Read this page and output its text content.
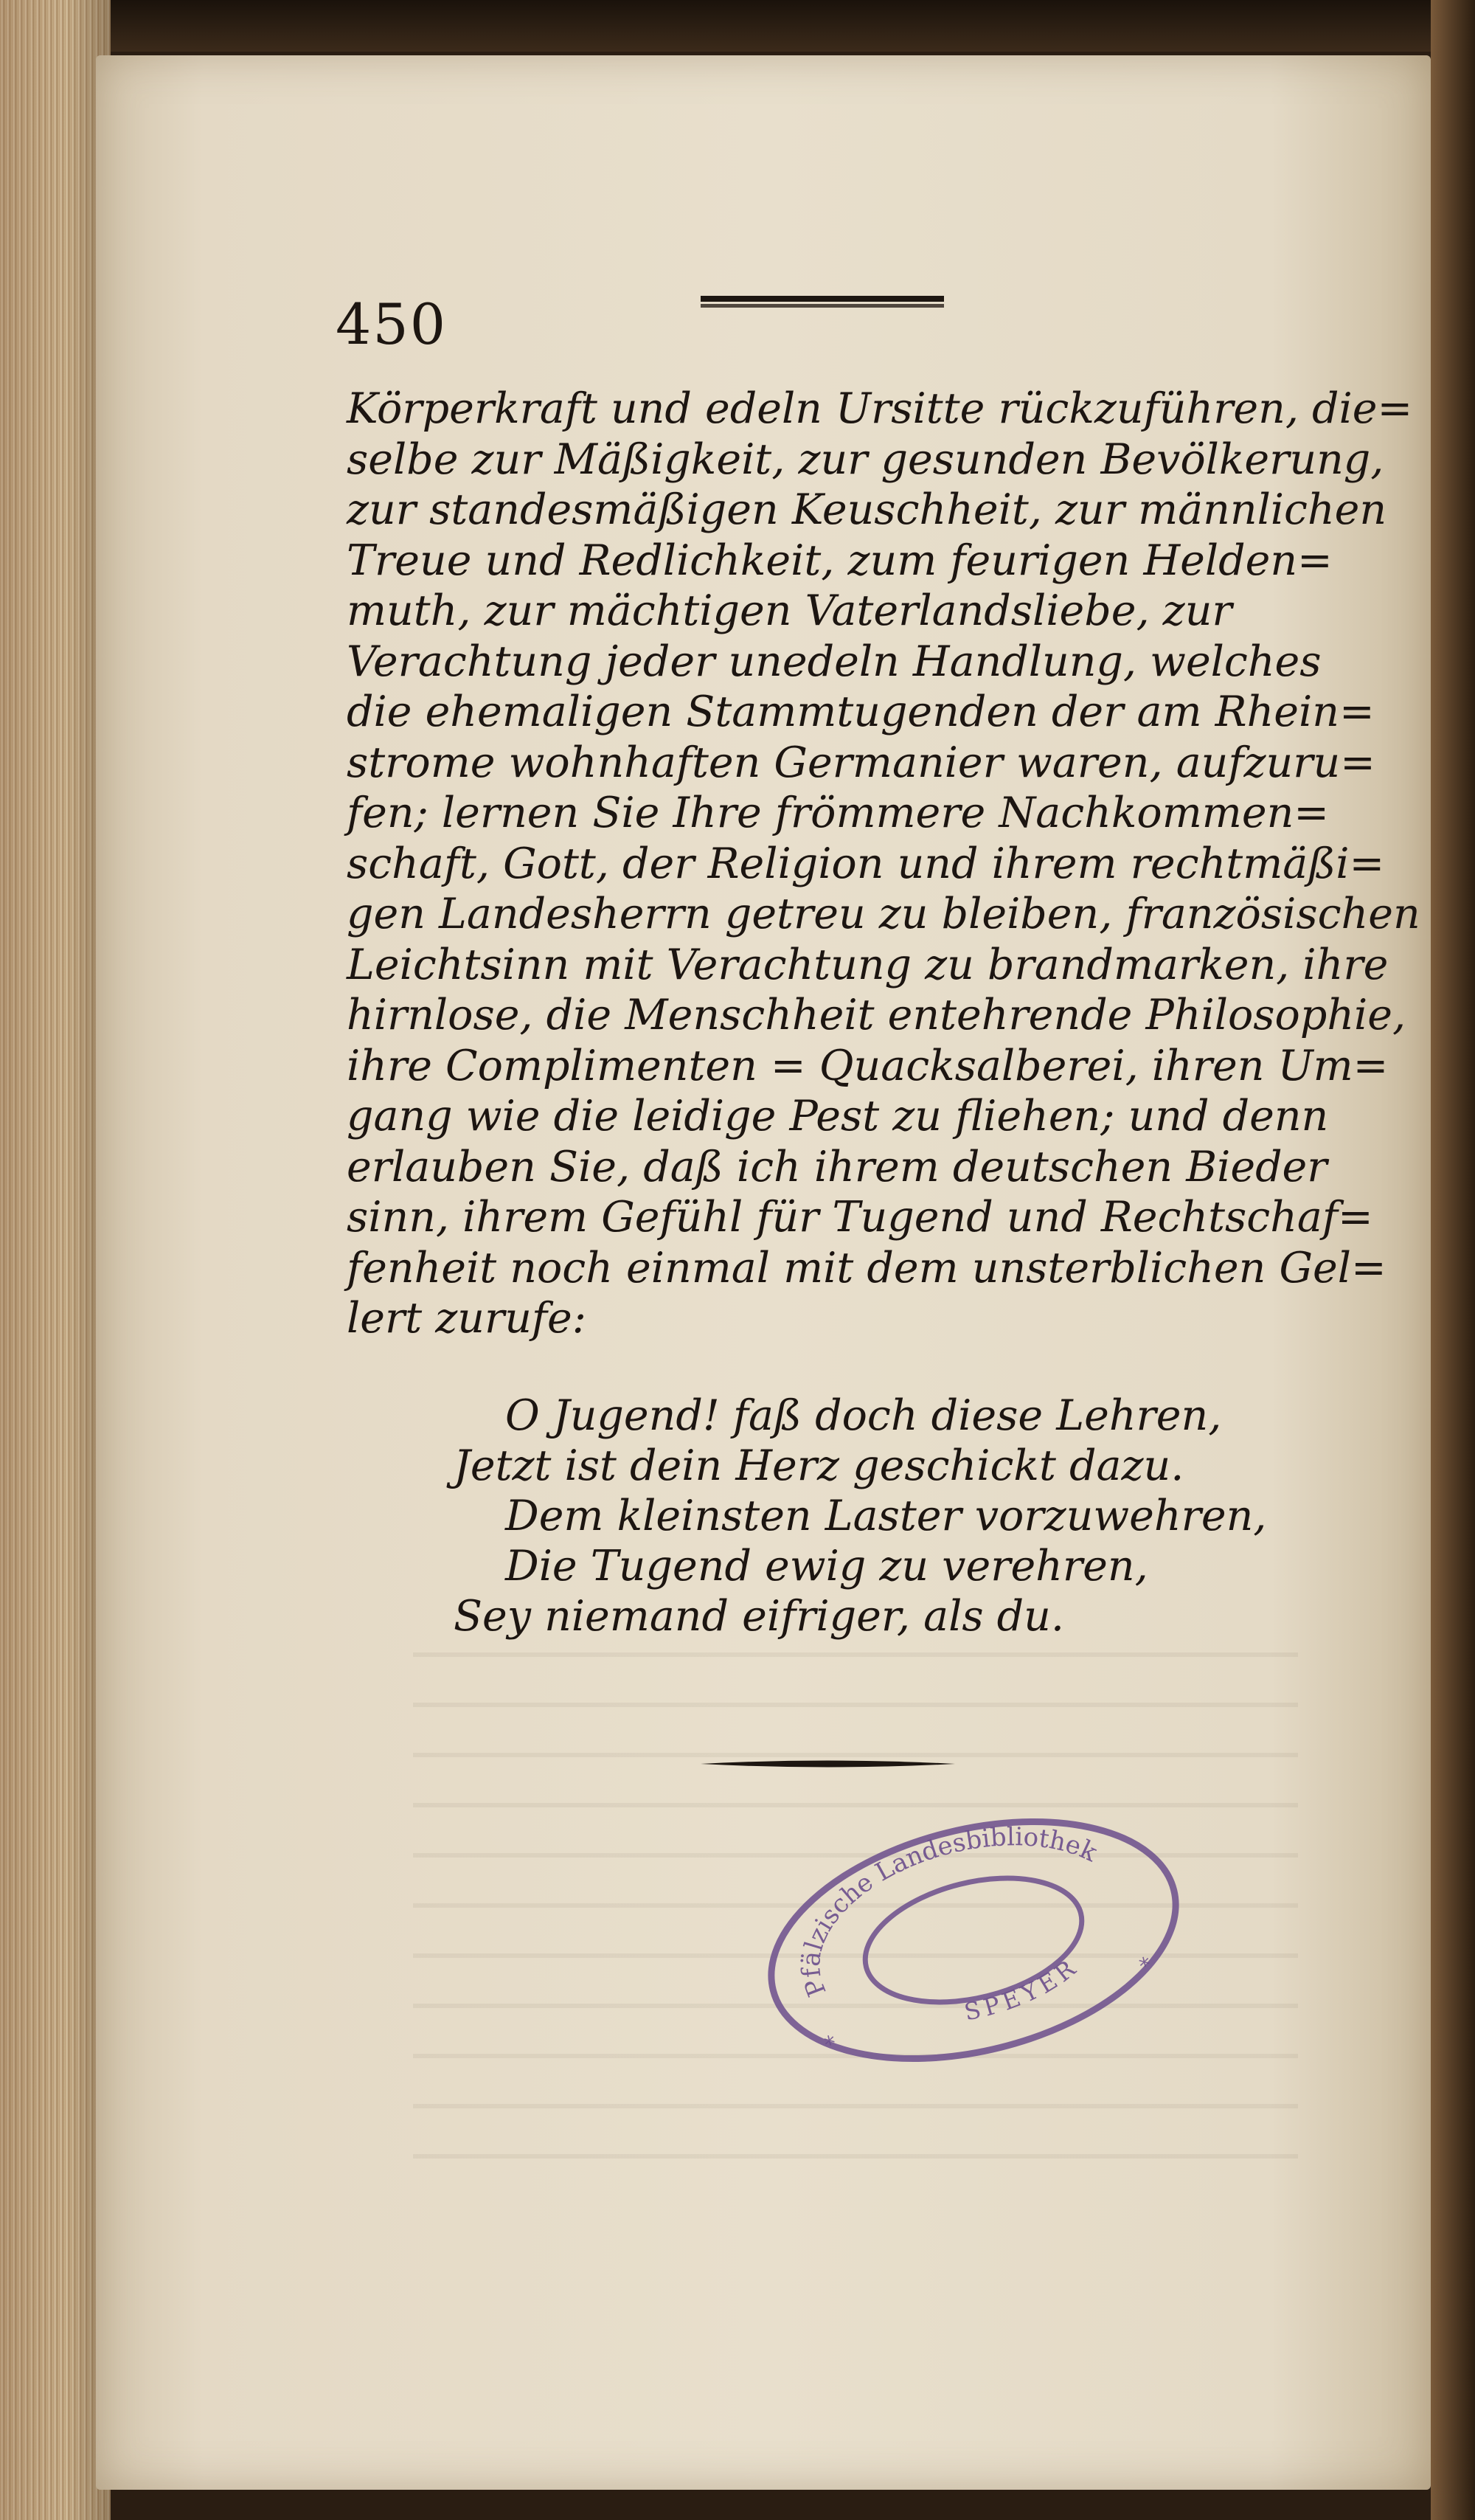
450
Körperkraft und edeln Ursitte rückzuführen, die=
selbe zur Mäßigkeit, zur gesunden Bevölkerung,
zur standesmäßigen Keuschheit, zur männlichen
Treue und Redlichkeit, zum feurigen Helden=
muth, zur mächtigen Vaterlandsliebe, zur
Verachtung jeder unedeln Handlung, welches
die ehemaligen Stammtugenden der am Rhein=
strome wohnhaften Germanier waren, aufzuru=
fen; lernen Sie Ihre frömmere Nachkommen=
schaft, Gott, der Religion und ihrem rechtmäßi=
gen Landesherrn getreu zu bleiben, französischen
Leichtsinn mit Verachtung zu brandmarken, ihre
hirnlose, die Menschheit entehrende Philosophie,
ihre Complimenten = Quacksalberei, ihren Um=
gang wie die leidige Pest zu fliehen; und denn
erlauben Sie, daß ich ihrem deutschen Bieder
sinn, ihrem Gefühl für Tugend und Rechtschaf=
fenheit noch einmal mit dem unsterblichen Gel=
lert zurufe:
O Jugend! faß doch diese Lehren,
Jetzt ist dein Herz geschickt dazu.
Dem kleinsten Laster vorzuwehren,
Die Tugend ewig zu verehren,
Sey niemand eifriger, als du.
Pfälzische Landesbibliothek
SPEYER
*
*
